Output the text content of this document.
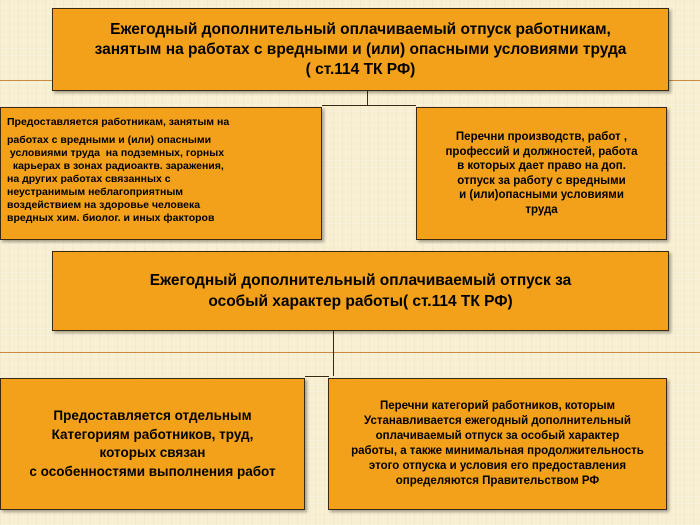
Ежегодный дополнительный оплачиваемый отпуск работникам,
занятым на работах с вредными и (или) опасными условиями труда
( ст.114 ТК РФ)

Предоставляется работникам, занятым на

работах с вредными и (или) опасными

условиями труда  на подземных, горных

карьерах в зонах радиоактв. заражения,

на других работах связанных с

неустранимым неблагоприятным

воздействием на здоровье человека

вредных хим. биолог. и иных факторов

Перечни производств, работ ,
профессий и должностей, работа
в которых дает право на доп.
отпуск за работу с вредными
и (или)опасными условиями
труда
Ежегодный дополнительный оплачиваемый отпуск за
особый характер работы( ст.114 ТК РФ)
Предоставляется отдельным
Категориям работников, труд,
которых связан
с особенностями выполнения работ
Перечни категорий работников, которым
Устанавливается ежегодный дополнительный
оплачиваемый отпуск за особый характер
работы, а также минимальная продолжительность
этого отпуска и условия его предоставления
определяются Правительством РФ
